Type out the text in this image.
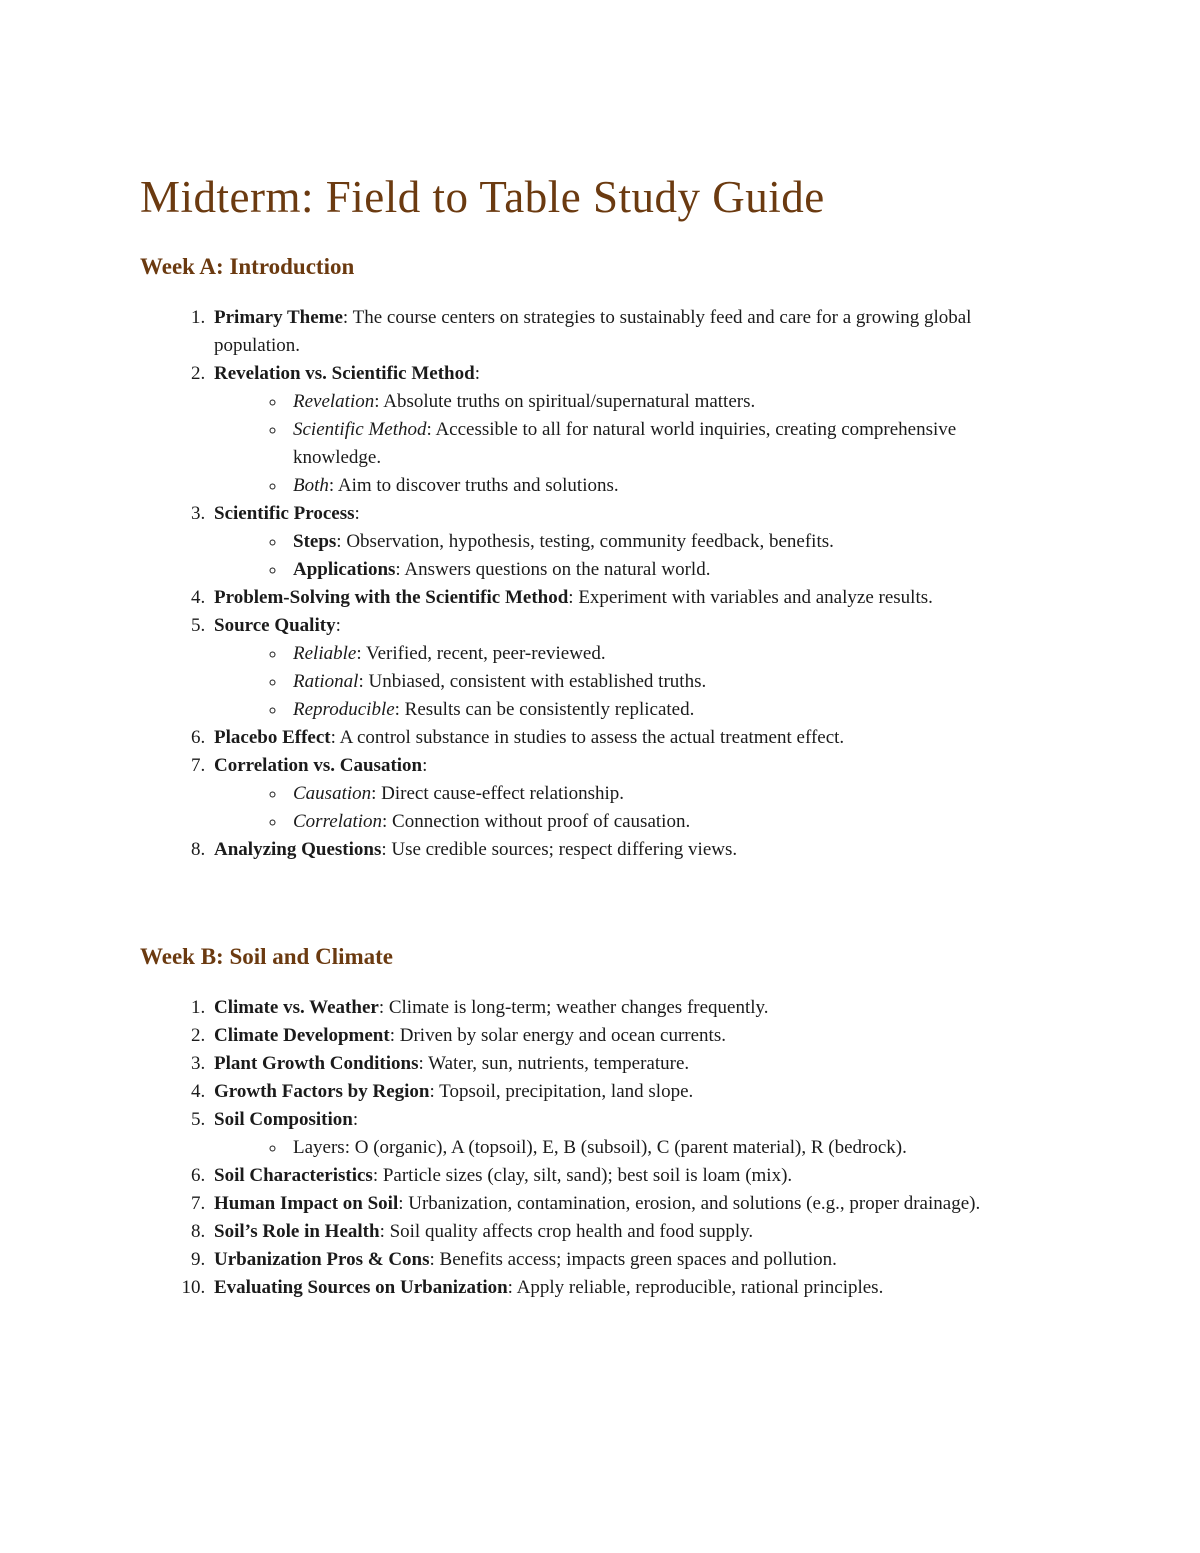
Midterm: Field to Table Study Guide
Week A: Introduction
1. Primary Theme: The course centers on strategies to sustainably feed and care for a growing global population.
2. Revelation vs. Scientific Method:
◦ Revelation: Absolute truths on spiritual/supernatural matters.
◦ Scientific Method: Accessible to all for natural world inquiries, creating comprehensive knowledge.
◦ Both: Aim to discover truths and solutions.
3. Scientific Process:
◦ Steps: Observation, hypothesis, testing, community feedback, benefits.
◦ Applications: Answers questions on the natural world.
4. Problem-Solving with the Scientific Method: Experiment with variables and analyze results.
5. Source Quality:
◦ Reliable: Verified, recent, peer-reviewed.
◦ Rational: Unbiased, consistent with established truths.
◦ Reproducible: Results can be consistently replicated.
6. Placebo Effect: A control substance in studies to assess the actual treatment effect.
7. Correlation vs. Causation:
◦ Causation: Direct cause-effect relationship.
◦ Correlation: Connection without proof of causation.
8. Analyzing Questions: Use credible sources; respect differing views.
Week B: Soil and Climate
1. Climate vs. Weather: Climate is long-term; weather changes frequently.
2. Climate Development: Driven by solar energy and ocean currents.
3. Plant Growth Conditions: Water, sun, nutrients, temperature.
4. Growth Factors by Region: Topsoil, precipitation, land slope.
5. Soil Composition:
◦ Layers: O (organic), A (topsoil), E, B (subsoil), C (parent material), R (bedrock).
6. Soil Characteristics: Particle sizes (clay, silt, sand); best soil is loam (mix).
7. Human Impact on Soil: Urbanization, contamination, erosion, and solutions (e.g., proper drainage).
8. Soil’s Role in Health: Soil quality affects crop health and food supply.
9. Urbanization Pros & Cons: Benefits access; impacts green spaces and pollution.
10. Evaluating Sources on Urbanization: Apply reliable, reproducible, rational principles.
